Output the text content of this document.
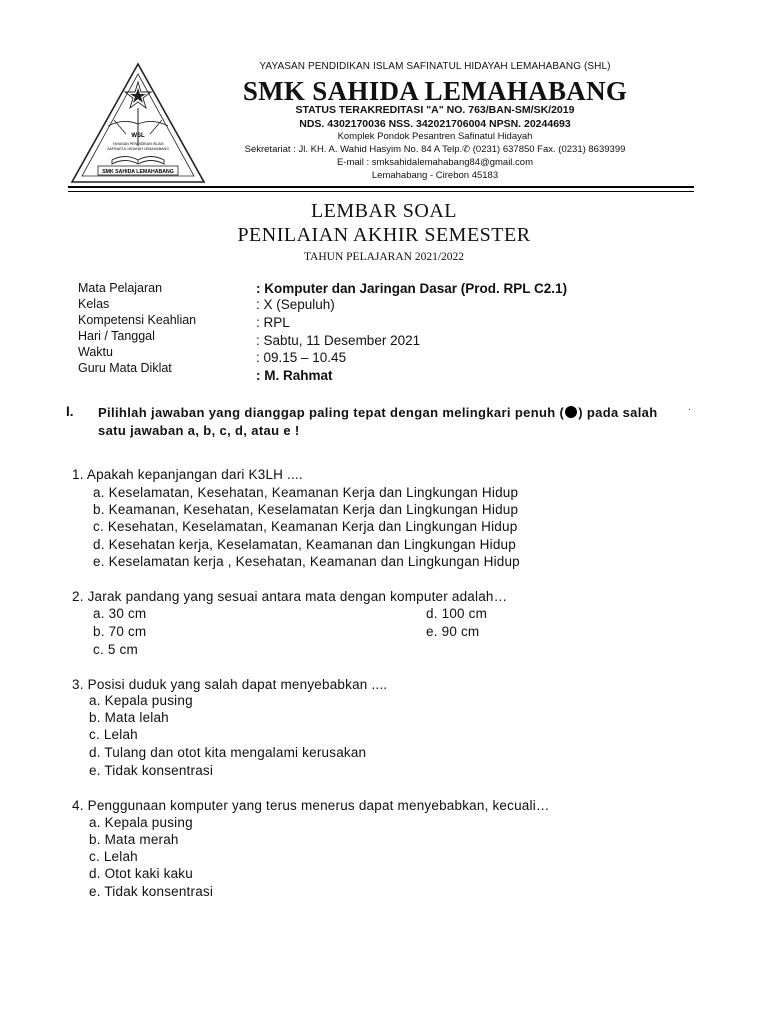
WSL
YAYASAN PENDIDIKAN ISLAM
SAFINATUL HIDAYAH LEMAHABANG
SMK SAHIDA LEMAHABANG
YAYASAN PENDIDIKAN ISLAM SAFINATUL HIDAYAH LEMAHABANG (SHL)
SMK SAHIDA LEMAHABANG
STATUS TERAKREDITASI "A" NO. 763/BAN-SM/SK/2019
NDS. 4302170036 NSS. 342021706004 NPSN. 20244693
Komplek Pondok Pesantren Safinatul Hidayah
Sekretariat : Jl. KH. A. Wahid Hasyim No. 84 A Telp.✆ (0231) 637850 Fax. (0231) 8639399
E-mail : smksahidalemahabang84@gmail.com
Lemahabang - Cirebon 45183
LEMBAR SOAL
PENILAIAN AKHIR SEMESTER
TAHUN PELAJARAN 2021/2022
Mata Pelajaran	: Komputer dan Jaringan Dasar (Prod. RPL C2.1)
Kelas	: X (Sepuluh)
Kompetensi Keahlian	: RPL
Hari / Tanggal	: Sabtu, 11 Desember 2021
Waktu	: 09.15 – 10.45
Guru Mata Diklat	: M. Rahmat
I. Pilihlah jawaban yang dianggap paling tepat dengan melingkari penuh ( ) pada salah satu jawaban a, b, c, d, atau e !
·
1. Apakah kepanjangan dari K3LH ....
a. Keselamatan, Kesehatan, Keamanan Kerja dan Lingkungan Hidup
b. Keamanan, Kesehatan, Keselamatan Kerja dan Lingkungan Hidup
c. Kesehatan, Keselamatan, Keamanan Kerja dan Lingkungan Hidup
d. Kesehatan kerja, Keselamatan, Keamanan dan Lingkungan Hidup
e. Keselamatan kerja , Kesehatan, Keamanan dan Lingkungan Hidup
2. Jarak pandang yang sesuai antara mata dengan komputer adalah…
a. 30 cm
b. 70 cm
c. 5 cm
d. 100 cm
e. 90 cm
3. Posisi duduk yang salah dapat menyebabkan ....
a. Kepala pusing
b. Mata lelah
c. Lelah
d. Tulang dan otot kita mengalami kerusakan
e. Tidak konsentrasi
4. Penggunaan komputer yang terus menerus dapat menyebabkan, kecuali…
a. Kepala pusing
b. Mata merah
c. Lelah
d. Otot kaki kaku
e. Tidak konsentrasi
